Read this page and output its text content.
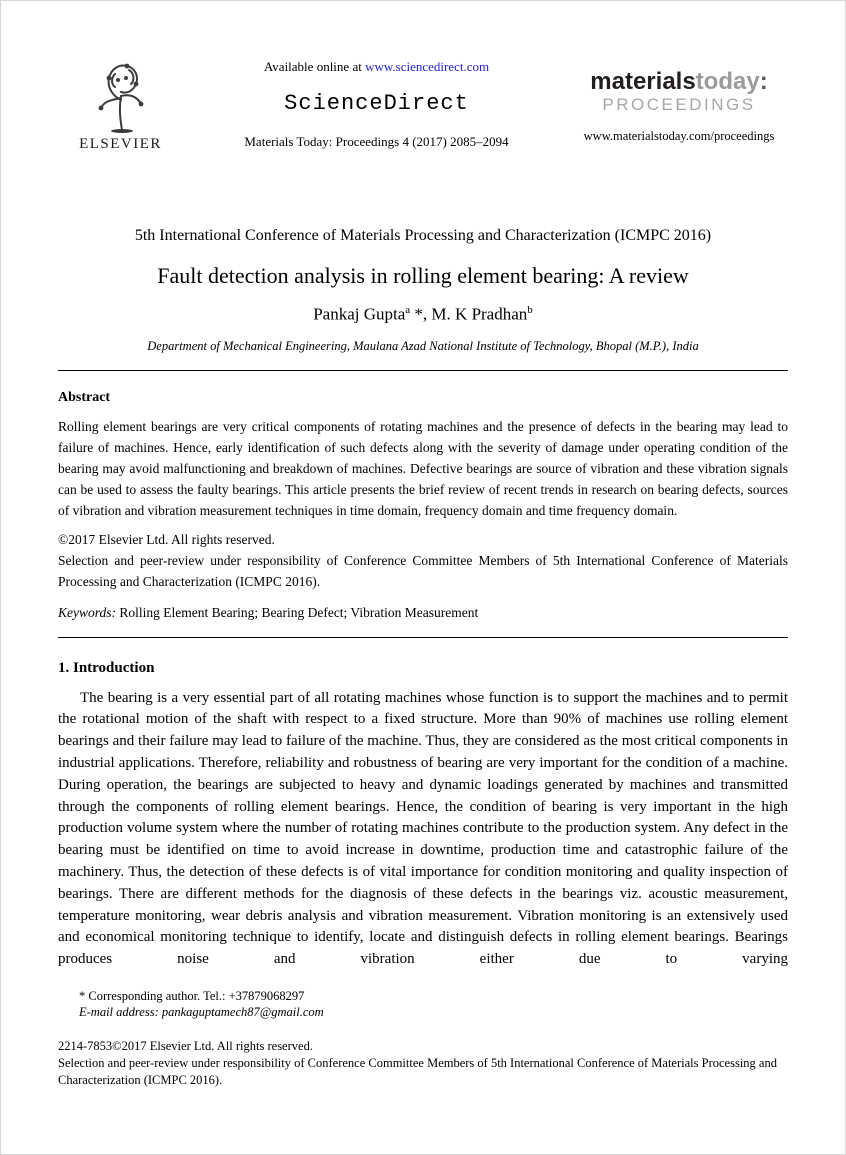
ELSEVIER
Available online at www.sciencedirect.com
ScienceDirect
Materials Today: Proceedings 4 (2017) 2085–2094
materialstoday:
PROCEEDINGS
www.materialstoday.com/proceedings
5th International Conference of Materials Processing and Characterization (ICMPC 2016)
Fault detection analysis in rolling element bearing: A review
Pankaj Gupta$^a$ *, M. K Pradhan$^b$
Department of Mechanical Engineering, Maulana Azad National Institute of Technology, Bhopal (M.P.), India
Abstract
Rolling element bearings are very critical components of rotating machines and the presence of defects in the bearing may lead to failure of machines. Hence, early identification of such defects along with the severity of damage under operating condition of the bearing may avoid malfunctioning and breakdown of machines. Defective bearings are source of vibration and these vibration signals can be used to assess the faulty bearings. This article presents the brief review of recent trends in research on bearing defects, sources of vibration and vibration measurement techniques in time domain, frequency domain and time frequency domain.
©2017 Elsevier Ltd. All rights reserved.
Selection and peer-review under responsibility of Conference Committee Members of 5th International Conference of Materials Processing and Characterization (ICMPC 2016).
Keywords: Rolling Element Bearing; Bearing Defect; Vibration Measurement
1. Introduction
The bearing is a very essential part of all rotating machines whose function is to support the machines and to permit the rotational motion of the shaft with respect to a fixed structure. More than 90% of machines use rolling element bearings and their failure may lead to failure of the machine. Thus, they are considered as the most critical components in industrial applications. Therefore, reliability and robustness of bearing are very important for the condition of a machine. During operation, the bearings are subjected to heavy and dynamic loadings generated by machines and transmitted through the components of rolling element bearings. Hence, the condition of bearing is very important in the high production volume system where the number of rotating machines contribute to the production system. Any defect in the bearing must be identified on time to avoid increase in downtime, production time and catastrophic failure of the machinery. Thus, the detection of these defects is of vital importance for condition monitoring and quality inspection of bearings. There are different methods for the diagnosis of these defects in the bearings viz. acoustic measurement, temperature monitoring, wear debris analysis and vibration measurement. Vibration monitoring is an extensively used and economical monitoring technique to identify, locate and distinguish defects in rolling element bearings. Bearings produces noise and vibration either due to varying
* Corresponding author. Tel.: +37879068297
E-mail address: pankaguptamech87@gmail.com
2214-7853©2017 Elsevier Ltd. All rights reserved.
Selection and peer-review under responsibility of Conference Committee Members of 5th International Conference of Materials Processing and Characterization (ICMPC 2016).
